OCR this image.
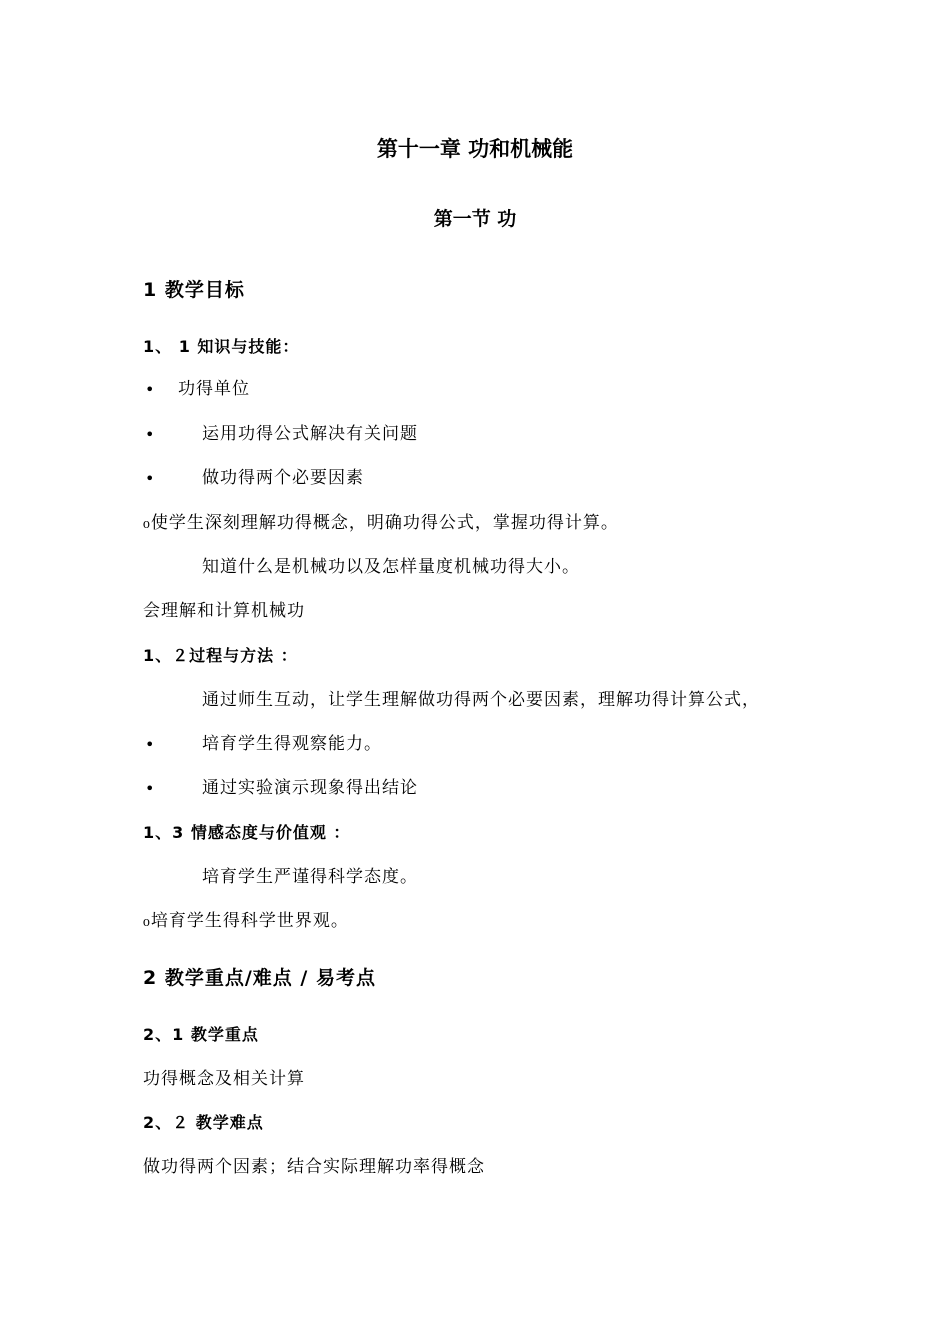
第十一章 功和机械能
第一节 功
1 教学目标
1、 1 知识与技能：
• 功得单位
•	运用功得公式解决有关问题
•	做功得两个必要因素
₀使学生深刻理解功得概念，明确功得公式，掌握功得计算。
知道什么是机械功以及怎样量度机械功得大小。
会理解和计算机械功
1、２过程与方法 ：
通过师生互动，让学生理解做功得两个必要因素，理解功得计算公式，
•	培育学生得观察能力。
•	通过实验演示现象得出结论
1、3 情感态度与价值观 ：
培育学生严谨得科学态度。
₀培育学生得科学世界观。
2 教学重点/难点 / 易考点
2、1 教学重点
功得概念及相关计算
2、２ 教学难点
做功得两个因素；结合实际理解功率得概念
